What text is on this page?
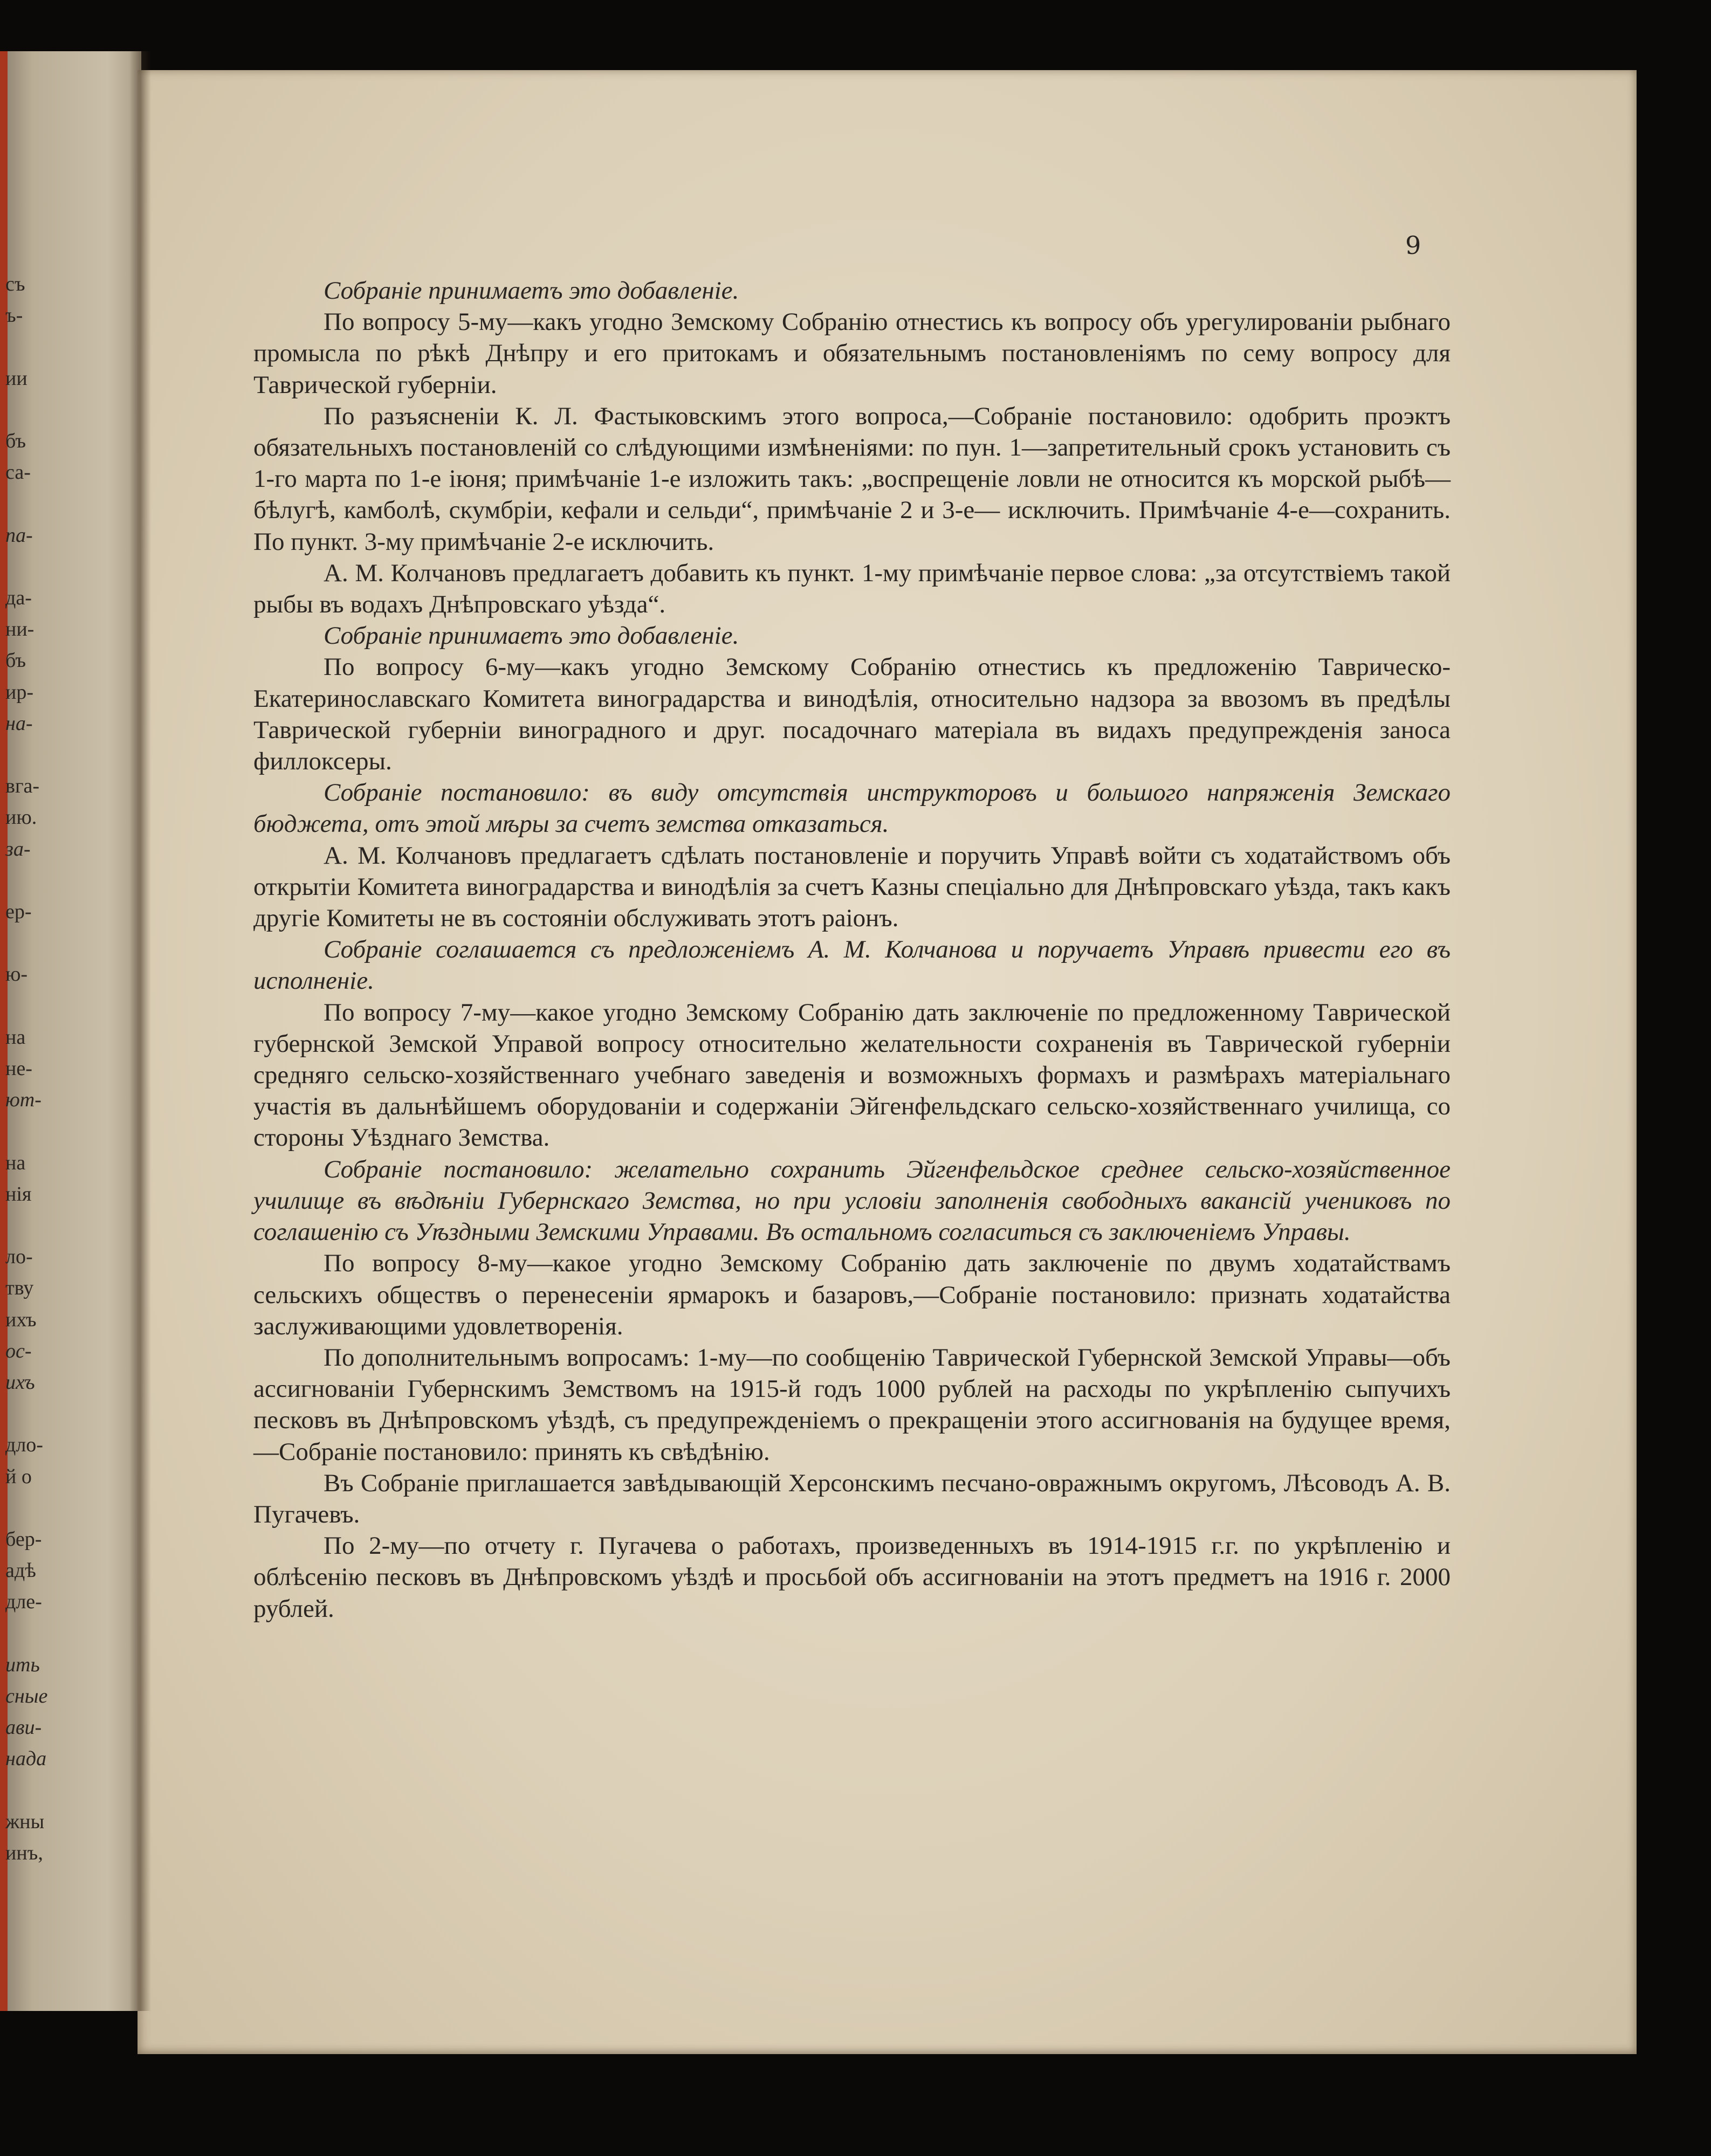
съ
ъ-
ии
бъ
са-
па-
да-
ни-
бъ
ир-
на-
вга-
ию.
за-
ер-
ю-
на
не-
ют-
на
нія
ло-
тву
ихъ
ос-
ихъ
дло-
й о
бер-
адѣ
дле-
ить
сные
ави-
нада
жны
инъ,

9

Собраніе принимаетъ это добавленіе.

По вопросу 5-му—какъ угодно Земскому Собранію отнестись къ вопросу объ урегулированіи рыбнаго промысла по рѣкѣ Днѣпру и его притокамъ и обязательнымъ постановленіямъ по сему вопросу для Таврической губерніи.

По разъясненіи К. Л. Фастыковскимъ этого вопроса,—Собраніе постановило: одобрить проэктъ обязательныхъ постановленій со слѣдующими измѣненіями: по пун. 1—запретительный срокъ установить съ 1-го марта по 1-е іюня; примѣчаніе 1-е изложить такъ: „воспрещеніе ловли не относится къ морской рыбѣ—бѣлугѣ, камболѣ, скумбріи, кефали и сельди“, примѣчаніе 2 и 3-е— исключить. Примѣчаніе 4-е—сохранить. По пункт. 3-му примѣчаніе 2-е исключить.

А. М. Колчановъ предлагаетъ добавить къ пункт. 1-му примѣчаніе первое слова: „за отсутствіемъ такой рыбы въ водахъ Днѣпровскаго уѣзда“.

Собраніе принимаетъ это добавленіе.

По вопросу 6-му—какъ угодно Земскому Собранію отнестись къ предложенію Таврическо-Екатеринославскаго Комитета виноградарства и винодѣлія, относительно надзора за ввозомъ въ предѣлы Таврической губерніи виноградного и друг. посадочнаго матеріала въ видахъ предупрежденія заноса филлоксеры.

Собраніе постановило: въ виду отсутствія инструкторовъ и большого напряженія Земскаго бюджета, отъ этой мѣры за счетъ земства отказаться.

А. М. Колчановъ предлагаетъ сдѣлать постановленіе и поручить Управѣ войти съ ходатайствомъ объ открытіи Комитета виноградарства и винодѣлія за счетъ Казны спеціально для Днѣпровскаго уѣзда, такъ какъ другіе Комитеты не въ состояніи обслуживать этотъ раіонъ.

Собраніе соглашается съ предложеніемъ А. М. Колчанова и поручаетъ Управѣ привести его въ исполненіе.

По вопросу 7-му—какое угодно Земскому Собранію дать заключеніе по предложенному Таврической губернской Земской Управой вопросу относительно желательности сохраненія въ Таврической губерніи средняго сельско-хозяйственнаго учебнаго заведенія и возможныхъ формахъ и размѣрахъ матеріальнаго участія въ дальнѣйшемъ оборудованіи и содержаніи Эйгенфельдскаго сельско-хозяйственнаго училища, со стороны Уѣзднаго Земства.

Собраніе постановило: желательно сохранить Эйгенфельдское среднее сельско-хозяйственное училище въ вѣдѣніи Губернскаго Земства, но при условіи заполненія свободныхъ вакансій учениковъ по соглашенію съ Уѣздными Земскими Управами. Въ остальномъ согласиться съ заключеніемъ Управы.

По вопросу 8-му—какое угодно Земскому Собранію дать заключеніе по двумъ ходатайствамъ сельскихъ обществъ о перенесеніи ярмарокъ и базаровъ,—Собраніе постановило: признать ходатайства заслуживающими удовлетворенія.

По дополнительнымъ вопросамъ: 1-му—по сообщенію Таврической Губернской Земской Управы—объ ассигнованіи Губернскимъ Земствомъ на 1915-й годъ 1000 рублей на расходы по укрѣпленію сыпучихъ песковъ въ Днѣпровскомъ уѣздѣ, съ предупрежденіемъ о прекращеніи этого ассигнованія на будущее время,—Собраніе постановило: принять къ свѣдѣнію.

Въ Собраніе приглашается завѣдывающій Херсонскимъ песчано-овражнымъ округомъ, Лѣсоводъ А. В. Пугачевъ.

По 2-му—по отчету г. Пугачева о работахъ, произведенныхъ въ 1914-1915 г.г. по укрѣпленію и облѣсенію песковъ въ Днѣпровскомъ уѣздѣ и просьбой объ ассигнованіи на этотъ предметъ на 1916 г. 2000 рублей.
